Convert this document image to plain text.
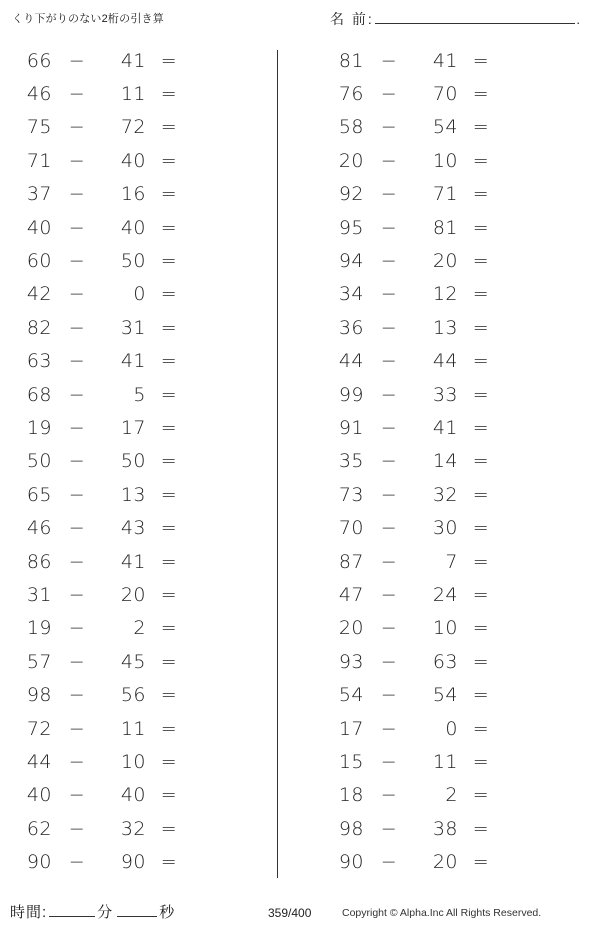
くり下がりのない2桁の引き算	名 前:	.
66 −	41 =
46 −	11 =
75 −	72 =
71 −	40 =
37 −	16 =
40 −	40 =
60 −	50 =
42 −	0 =
82 −	31 =
63 −	41 =
68 −	5 =
19 −	17 =
50 −	50 =
65 −	13 =
46 −	43 =
86 −	41 =
31 −	20 =
19 −	2 =
57 −	45 =
98 −	56 =
72 −	11 =
44 −	10 =
40 −	40 =
62 −	32 =
90 −	90 =
81 −	41 =
76 −	70 =
58 −	54 =
20 −	10 =
92 −	71 =
95 −	81 =
94 −	20 =
34 −	12 =
36 −	13 =
44 −	44 =
99 −	33 =
91 −	41 =
35 −	14 =
73 −	32 =
70 −	30 =
87 −	7 =
47 −	24 =
20 −	10 =
93 −	63 =
54 −	54 =
17 −	0 =
15 −	11 =
18 −	2 =
98 −	38 =
90 −	20 =
時間:	分	秒	359/400	Copyright © Alpha.Inc All Rights Reserved.
